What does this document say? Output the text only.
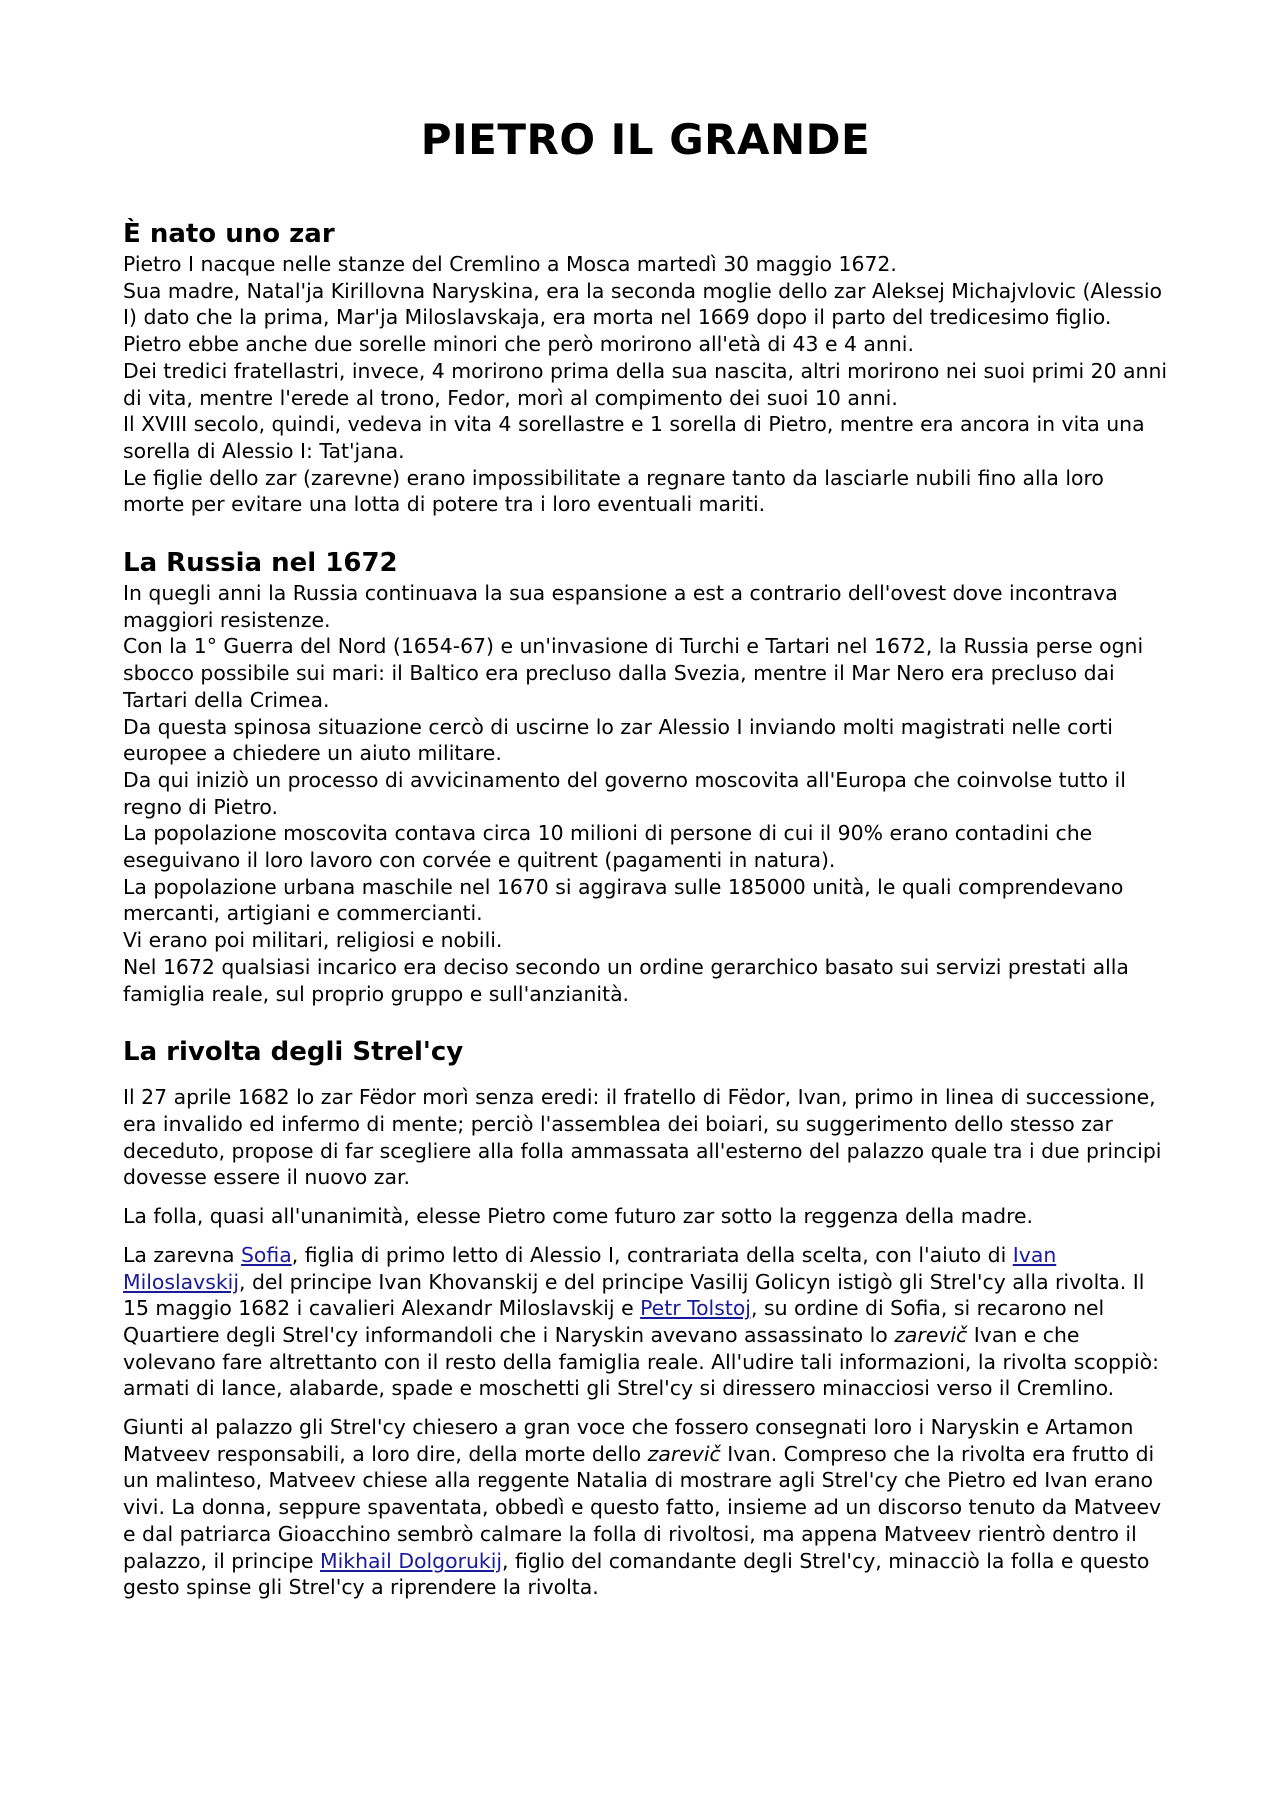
PIETRO IL GRANDE
È nato uno zar

Pietro I nacque nelle stanze del Cremlino a Mosca martedì 30 maggio 1672.

Sua madre, Natal'ja Kirillovna Naryskina, era la seconda moglie dello zar Aleksej Michajvlovic (Alessio I) dato che la prima, Mar'ja Miloslavskaja, era morta nel 1669 dopo il parto del tredicesimo figlio.

Pietro ebbe anche due sorelle minori che però morirono all'età di 43 e 4 anni.

Dei tredici fratellastri, invece, 4 morirono prima della sua nascita, altri morirono nei suoi primi 20 anni di vita, mentre l'erede al trono, Fedor, morì al compimento dei suoi 10 anni.

Il XVIII secolo, quindi, vedeva in vita 4 sorellastre e 1 sorella di Pietro, mentre era ancora in vita una sorella di Alessio I: Tat'jana.

Le figlie dello zar (zarevne) erano impossibilitate a regnare tanto da lasciarle nubili fino alla loro morte per evitare una lotta di potere tra i loro eventuali mariti.

La Russia nel 1672

In quegli anni la Russia continuava la sua espansione a est a contrario dell'ovest dove incontrava maggiori resistenze.

Con la 1° Guerra del Nord (1654-67) e un'invasione di Turchi e Tartari nel 1672, la Russia perse ogni sbocco possibile sui mari: il Baltico era precluso dalla Svezia, mentre il Mar Nero era precluso dai Tartari della Crimea.

Da questa spinosa situazione cercò di uscirne lo zar Alessio I inviando molti magistrati nelle corti europee a chiedere un aiuto militare.

Da qui iniziò un processo di avvicinamento del governo moscovita all'Europa che coinvolse tutto il regno di Pietro.

La popolazione moscovita contava circa 10 milioni di persone di cui il 90% erano contadini che eseguivano il loro lavoro con corvée e quitrent (pagamenti in natura).

La popolazione urbana maschile nel 1670 si aggirava sulle 185000 unità, le quali comprendevano mercanti, artigiani e commercianti.

Vi erano poi militari, religiosi e nobili.

Nel 1672 qualsiasi incarico era deciso secondo un ordine gerarchico basato sui servizi prestati alla famiglia reale, sul proprio gruppo e sull'anzianità.

La rivolta degli Strel'cy

Il 27 aprile 1682 lo zar Fëdor morì senza eredi: il fratello di Fëdor, Ivan, primo in linea di successione, era invalido ed infermo di mente; perciò l'assemblea dei boiari, su suggerimento dello stesso zar deceduto, propose di far scegliere alla folla ammassata all'esterno del palazzo quale tra i due principi dovesse essere il nuovo zar.

La folla, quasi all'unanimità, elesse Pietro come futuro zar sotto la reggenza della madre.

La zarevna Sofia, figlia di primo letto di Alessio I, contrariata della scelta, con l'aiuto di Ivan Miloslavskij, del principe Ivan Khovanskij e del principe Vasilij Golicyn istigò gli Strel'cy alla rivolta. Il 15 maggio 1682 i cavalieri Alexandr Miloslavskij e Petr Tolstoj, su ordine di Sofia, si recarono nel Quartiere degli Strel'cy informandoli che i Naryskin avevano assassinato lo zarevič Ivan e che volevano fare altrettanto con il resto della famiglia reale. All'udire tali informazioni, la rivolta scoppiò: armati di lance, alabarde, spade e moschetti gli Strel'cy si diressero minacciosi verso il Cremlino.

Giunti al palazzo gli Strel'cy chiesero a gran voce che fossero consegnati loro i Naryskin e Artamon Matveev responsabili, a loro dire, della morte dello zarevič Ivan. Compreso che la rivolta era frutto di un malinteso, Matveev chiese alla reggente Natalia di mostrare agli Strel'cy che Pietro ed Ivan erano vivi. La donna, seppure spaventata, obbedì e questo fatto, insieme ad un discorso tenuto da Matveev e dal patriarca Gioacchino sembrò calmare la folla di rivoltosi, ma appena Matveev rientrò dentro il palazzo, il principe Mikhail Dolgorukij, figlio del comandante degli Strel'cy, minacciò la folla e questo gesto spinse gli Strel'cy a riprendere la rivolta.
